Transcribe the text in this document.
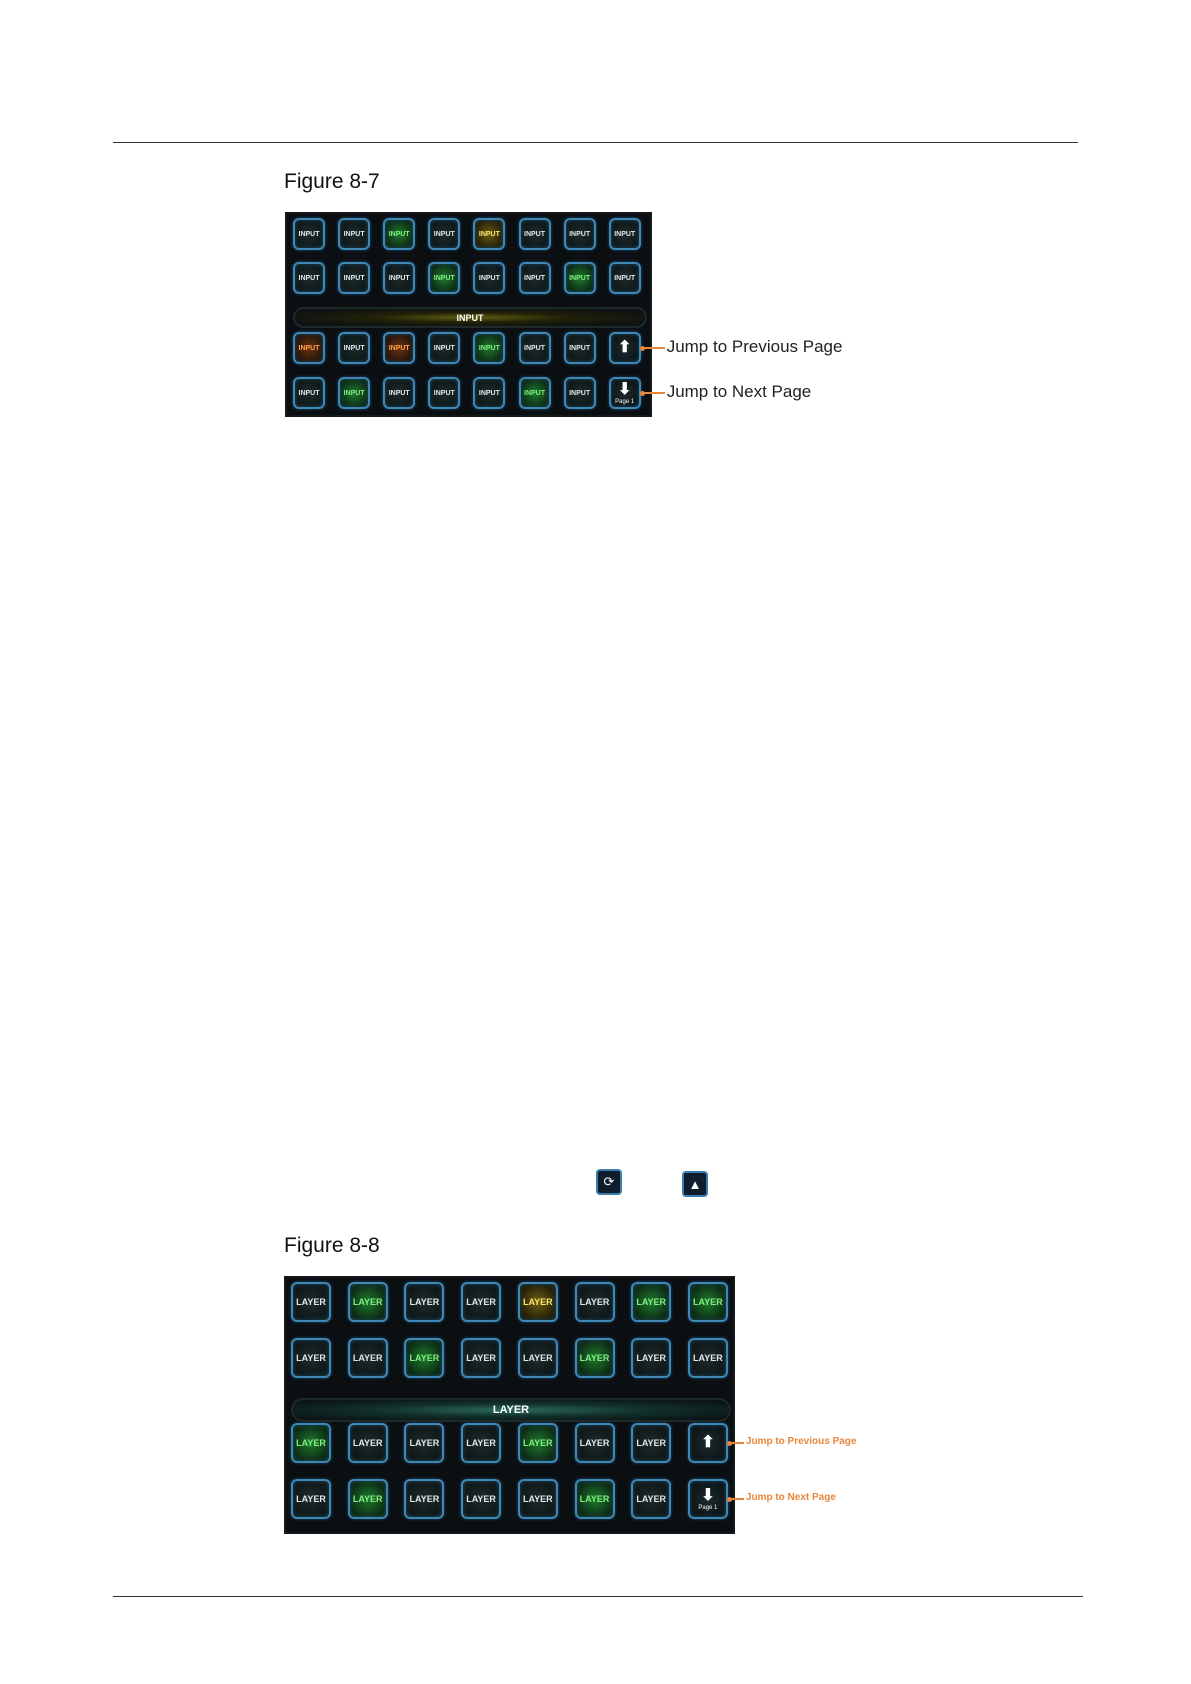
Figure 8-7
INPUT	INPUT	INPUT	INPUT	INPUT	INPUT	INPUT	INPUT
INPUT	INPUT	INPUT	INPUT	INPUT	INPUT	INPUT	INPUT
INPUT	INPUT	INPUT	INPUT	INPUT	INPUT	INPUT ⬆
INPUT	INPUT	INPUT	INPUT	INPUT	INPUT	INPUT ⬇
Page 1
INPUT
Figure 8-8
LAYER	LAYER	LAYER	LAYER	LAYER	LAYER	LAYER	LAYER
LAYER	LAYER	LAYER	LAYER	LAYER	LAYER	LAYER	LAYER
LAYER	LAYER	LAYER	LAYER	LAYER	LAYER	LAYER ⬆
LAYER	LAYER	LAYER	LAYER	LAYER	LAYER	LAYER ⬇
Page 1
LAYER
⟳	▲
Jump to Previous Page
Jump to Next Page
Jump to Previous Page
Jump to Next Page
